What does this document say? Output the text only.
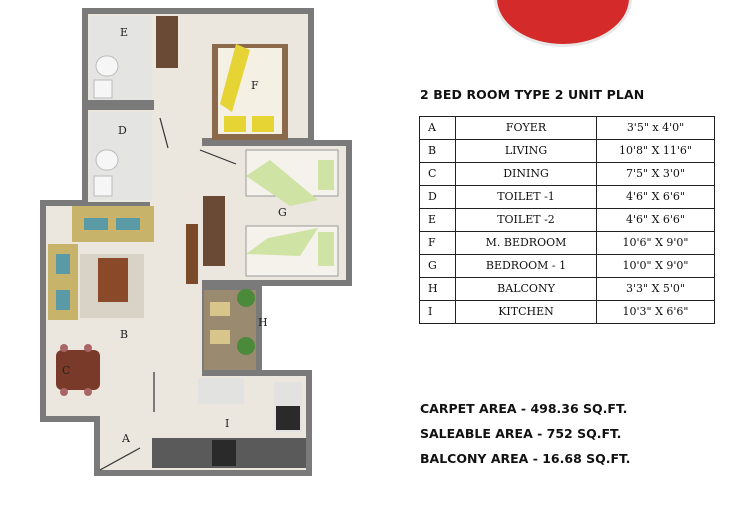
E
D
F
G
B
C
H
I
A
2 BED ROOM TYPE 2 UNIT PLAN
A	FOYER	3'5" x 4'0"
B	LIVING	10'8" X 11'6"
C	DINING	7'5" X 3'0"
D	TOILET -1	4'6" X 6'6"
E	TOILET -2	4'6" X 6'6"
F	M. BEDROOM	10'6" X 9'0"
G	BEDROOM - 1	10'0" X 9'0"
H	BALCONY	3'3" X 5'0"
I	KITCHEN	10'3" X 6'6"
CARPET AREA - 498.36 SQ.FT.
SALEABLE AREA - 752 SQ.FT.
BALCONY AREA - 16.68 SQ.FT.
